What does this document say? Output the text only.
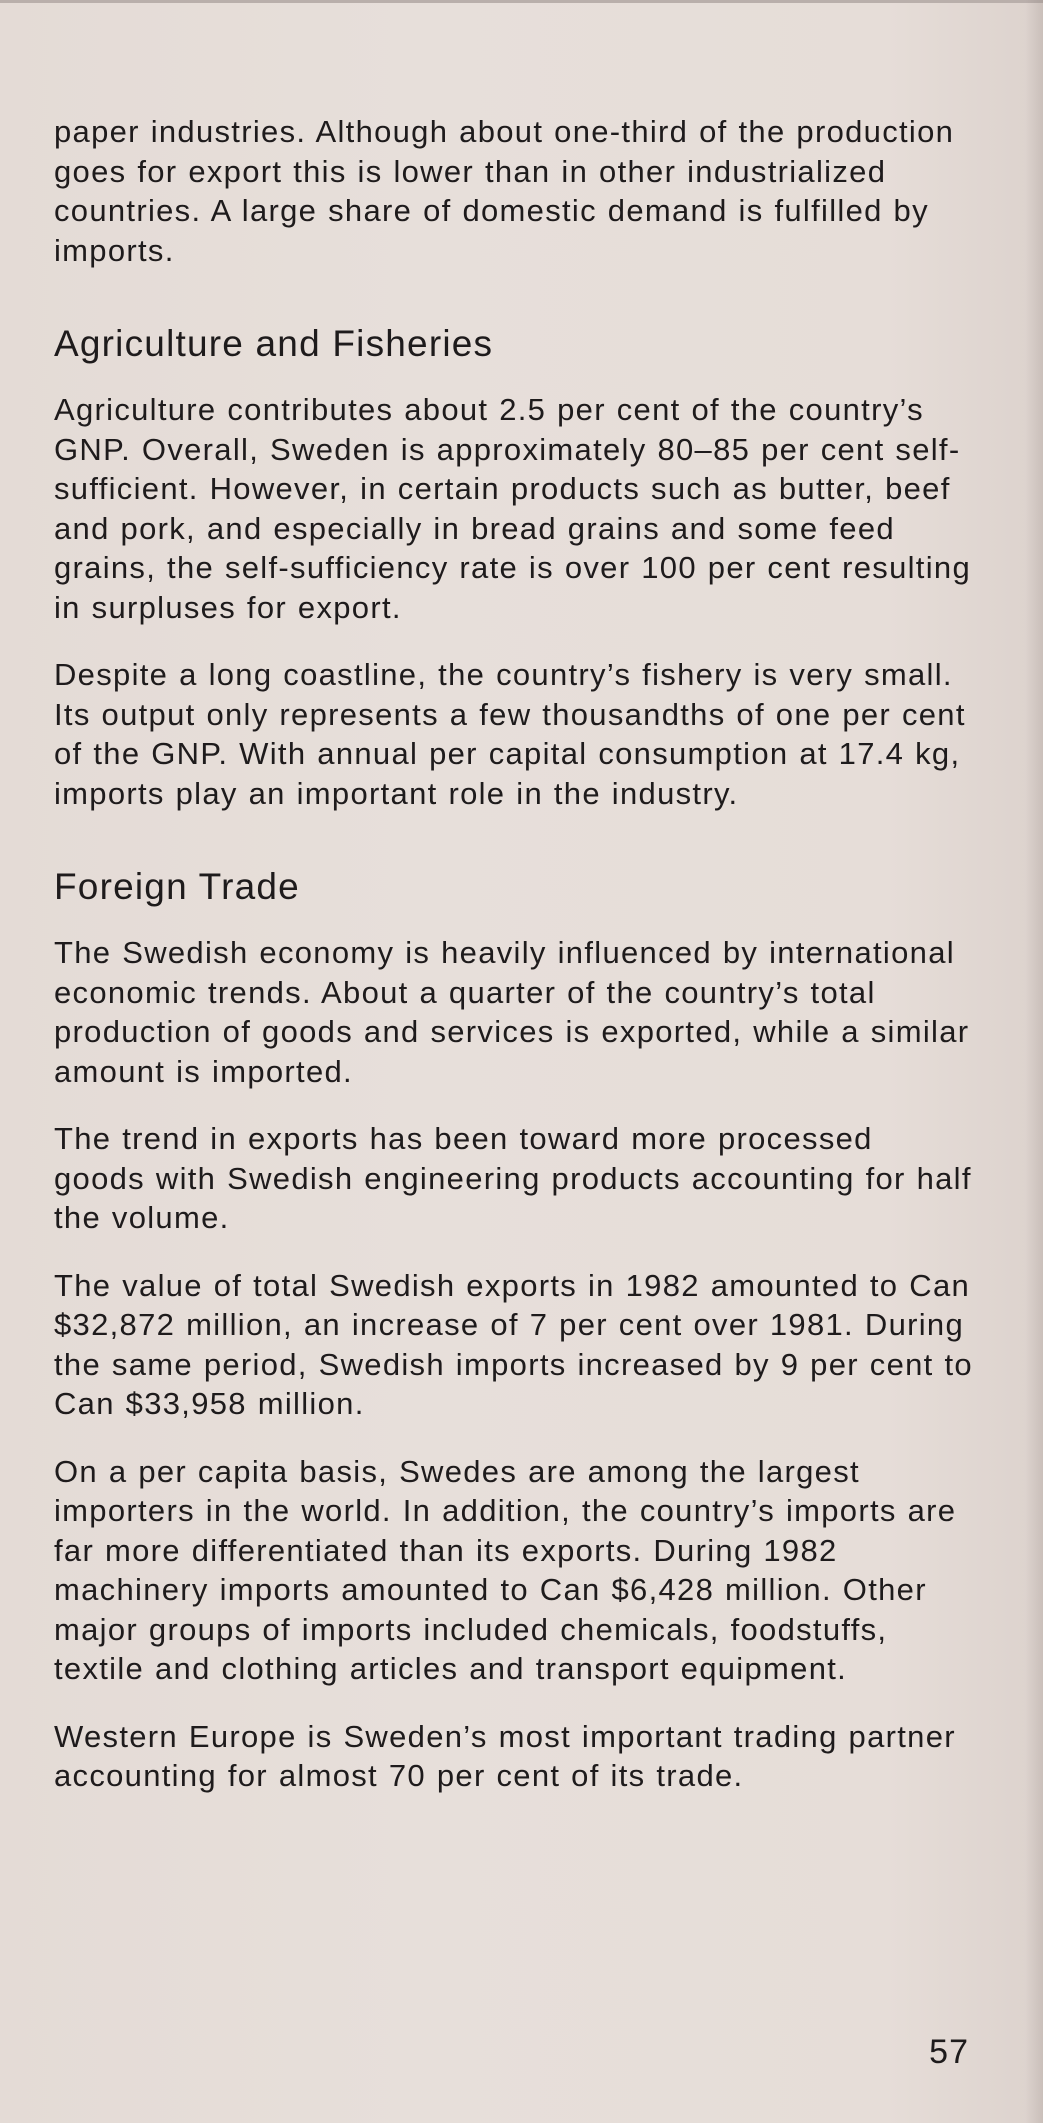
paper industries. Although about one-third of the production goes for export this is lower than in other industrialized countries. A large share of domestic demand is fulfilled by imports.

Agriculture and Fisheries

Agriculture contributes about 2.5 per cent of the country’s GNP. Overall, Sweden is approximately 80–85 per cent self-sufficient. However, in certain products such as butter, beef and pork, and especially in bread grains and some feed grains, the self-sufficiency rate is over 100 per cent resulting in surpluses for export.

Despite a long coastline, the country’s fishery is very small. Its output only represents a few thousandths of one per cent of the GNP. With annual per capital consumption at 17.4 kg, imports play an important role in the industry.

Foreign Trade

The Swedish economy is heavily influenced by international economic trends. About a quarter of the country’s total production of goods and services is exported, while a similar amount is imported.

The trend in exports has been toward more processed goods with Swedish engineering products accounting for half the volume.

The value of total Swedish exports in 1982 amounted to Can $32,872 million, an increase of 7 per cent over 1981. During the same period, Swedish imports increased by 9 per cent to Can $33,958 million.

On a per capita basis, Swedes are among the largest importers in the world. In addition, the country’s imports are far more differentiated than its exports. During 1982 machinery imports amounted to Can $6,428 million. Other major groups of imports included chemicals, foodstuffs, textile and clothing articles and transport equipment.

Western Europe is Sweden’s most important trading partner accounting for almost 70 per cent of its trade.

57
